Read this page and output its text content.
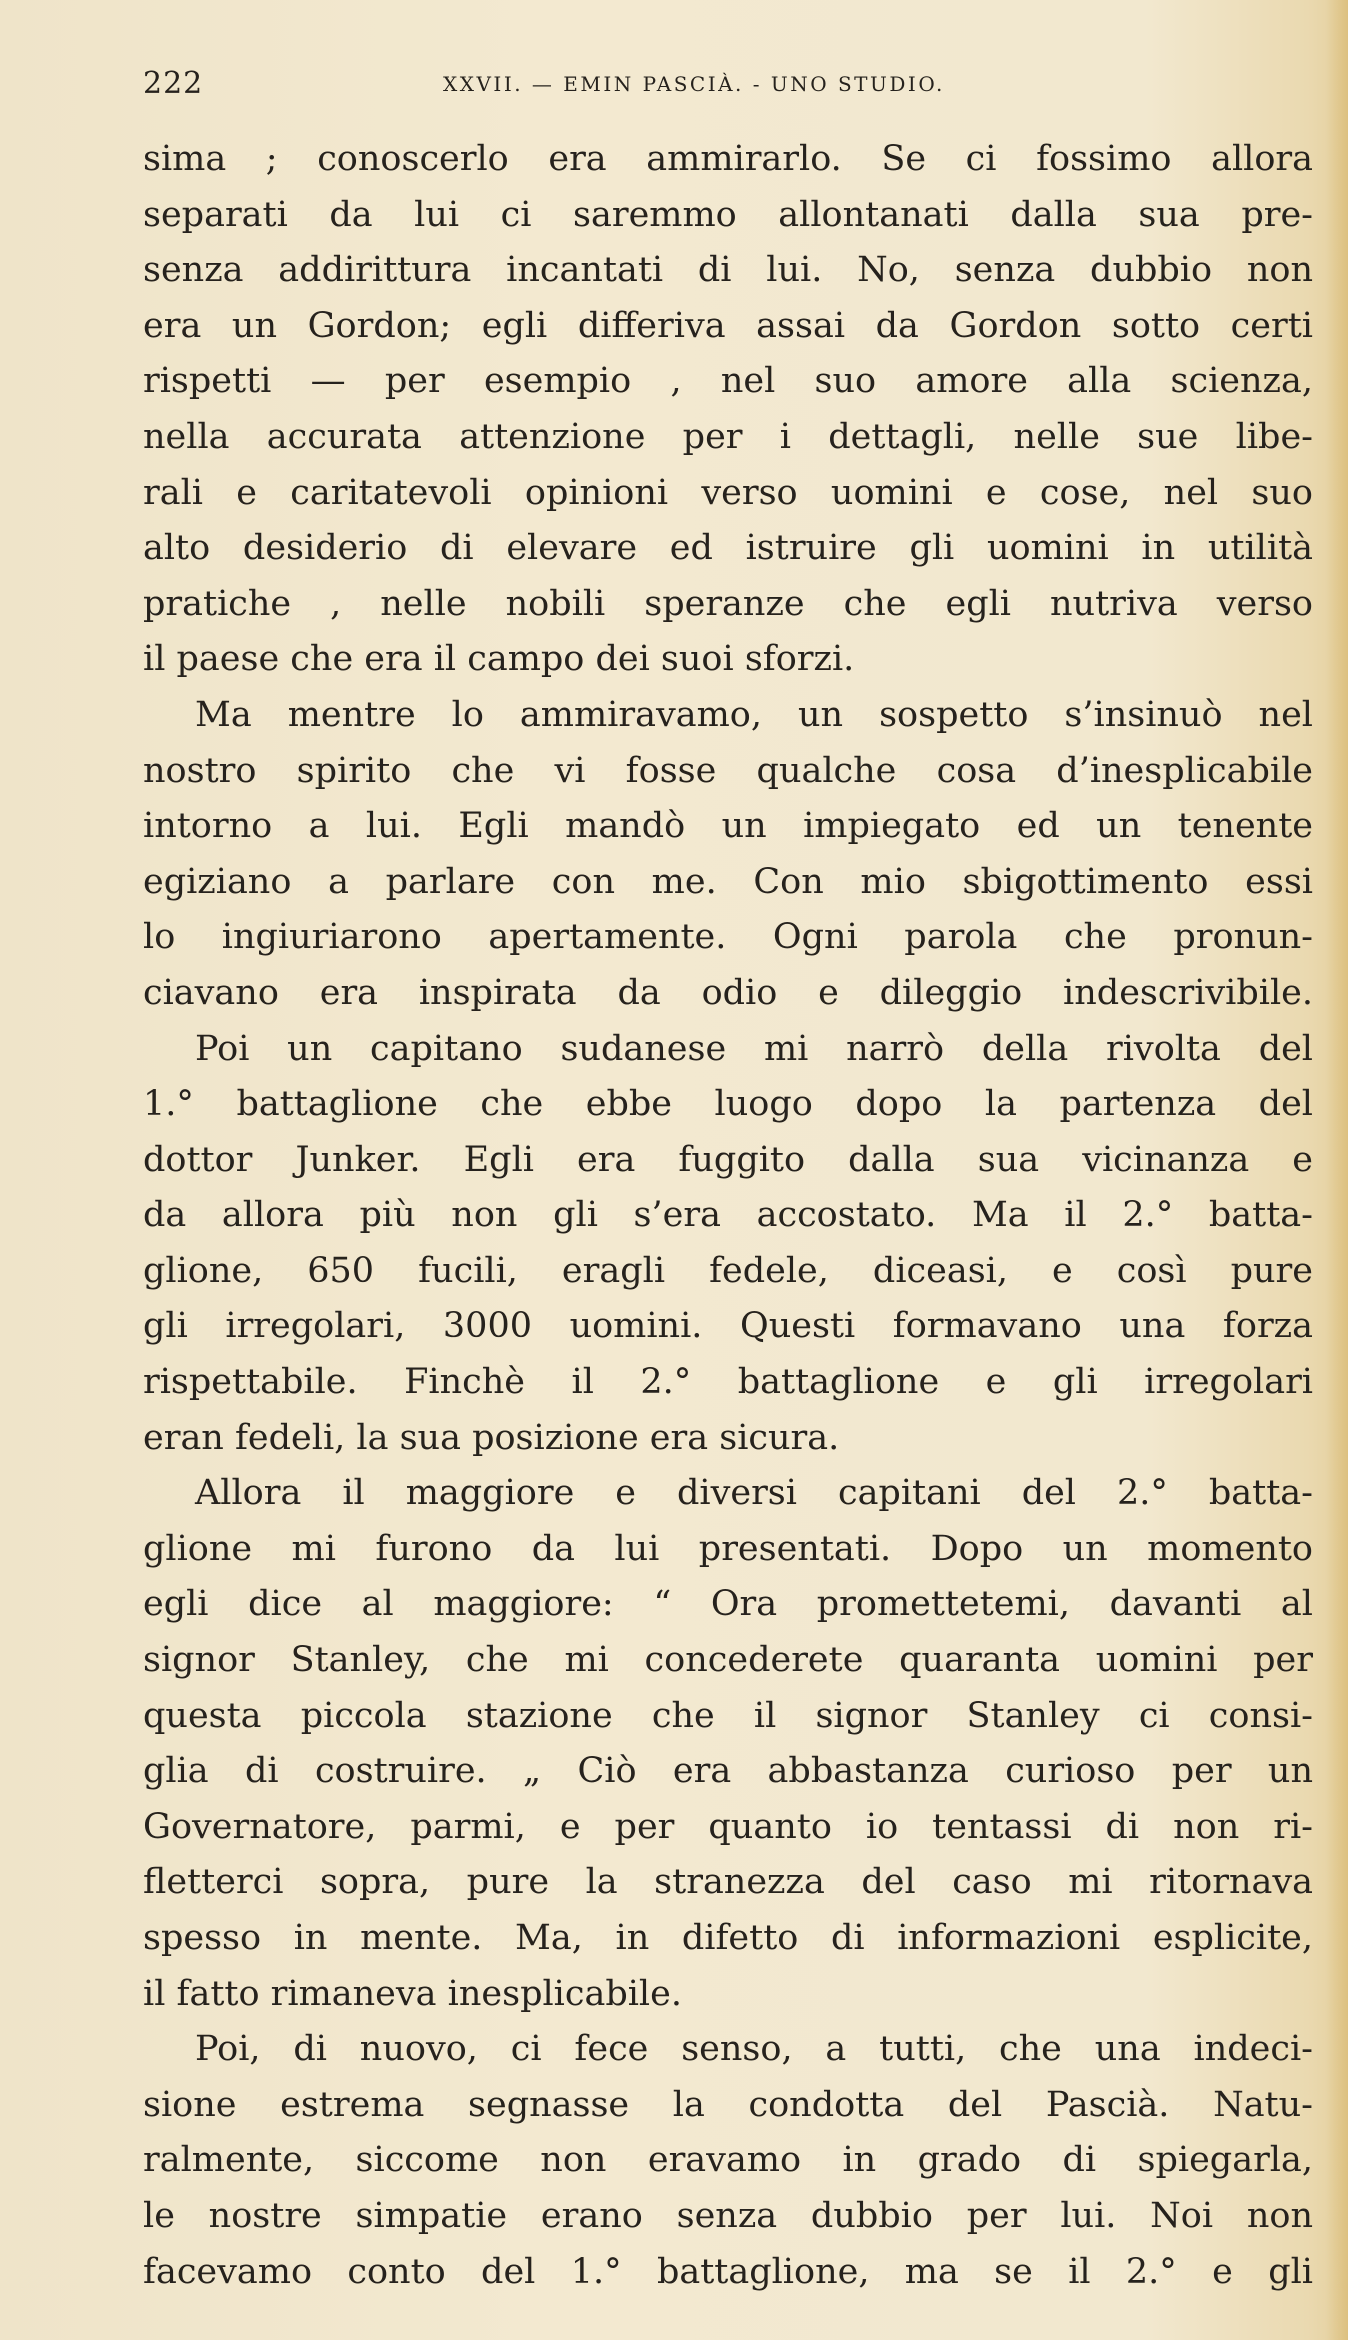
222	XXVII. — EMIN PASCIÀ. - UNO STUDIO.
sima ; conoscerlo era ammirarlo. Se ci fossimo allora
separati da lui ci saremmo allontanati dalla sua pre-
senza addirittura incantati di lui. No, senza dubbio non
era un Gordon; egli differiva assai da Gordon sotto certi
rispetti — per esempio , nel suo amore alla scienza,
nella accurata attenzione per i dettagli, nelle sue libe-
rali e caritatevoli opinioni verso uomini e cose, nel suo
alto desiderio di elevare ed istruire gli uomini in utilità
pratiche , nelle nobili speranze che egli nutriva verso
il paese che era il campo dei suoi sforzi.
Ma mentre lo ammiravamo, un sospetto s’insinuò nel
nostro spirito che vi fosse qualche cosa d’inesplicabile
intorno a lui. Egli mandò un impiegato ed un tenente
egiziano a parlare con me. Con mio sbigottimento essi
lo ingiuriarono apertamente. Ogni parola che pronun-
ciavano era inspirata da odio e dileggio indescrivibile.
Poi un capitano sudanese mi narrò della rivolta del
1.° battaglione che ebbe luogo dopo la partenza del
dottor Junker. Egli era fuggito dalla sua vicinanza e
da allora più non gli s’era accostato. Ma il 2.° batta-
glione, 650 fucili, eragli fedele, diceasi, e così pure
gli irregolari, 3000 uomini. Questi formavano una forza
rispettabile. Finchè il 2.° battaglione e gli irregolari
eran fedeli, la sua posizione era sicura.
Allora il maggiore e diversi capitani del 2.° batta-
glione mi furono da lui presentati. Dopo un momento
egli dice al maggiore: “ Ora promettetemi, davanti al
signor Stanley, che mi concederete quaranta uomini per
questa piccola stazione che il signor Stanley ci consi-
glia di costruire. „ Ciò era abbastanza curioso per un
Governatore, parmi, e per quanto io tentassi di non ri-
fletterci sopra, pure la stranezza del caso mi ritornava
spesso in mente. Ma, in difetto di informazioni esplicite,
il fatto rimaneva inesplicabile.
Poi, di nuovo, ci fece senso, a tutti, che una indeci-
sione estrema segnasse la condotta del Pascià. Natu-
ralmente, siccome non eravamo in grado di spiegarla,
le nostre simpatie erano senza dubbio per lui. Noi non
facevamo conto del 1.° battaglione, ma se il 2.° e gli
